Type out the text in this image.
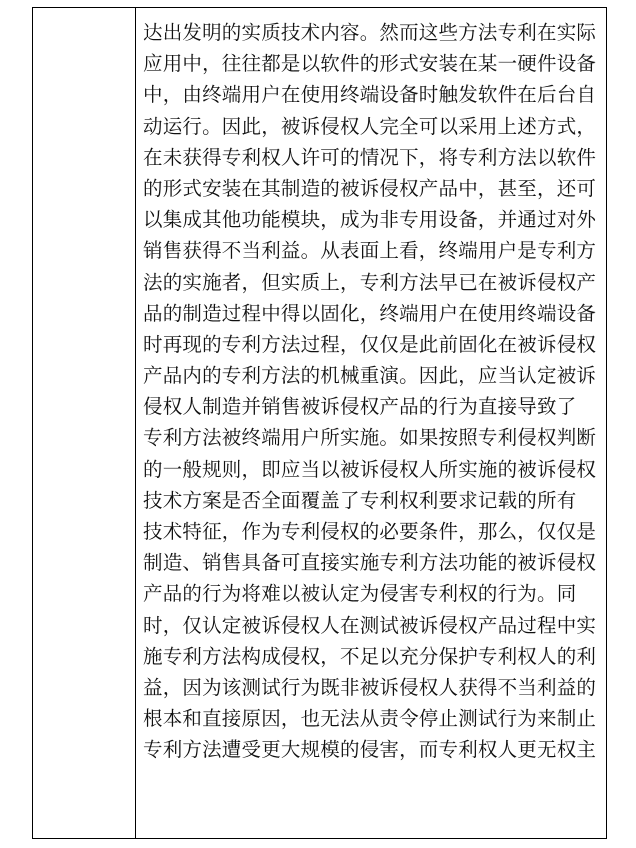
达出发明的实质技术内容。然而这些方法专利在实际
应用中，往往都是以软件的形式安装在某一硬件设备
中，由终端用户在使用终端设备时触发软件在后台自
动运行。因此，被诉侵权人完全可以采用上述方式，
在未获得专利权人许可的情况下，将专利方法以软件
的形式安装在其制造的被诉侵权产品中，甚至，还可
以集成其他功能模块，成为非专用设备，并通过对外
销售获得不当利益。从表面上看，终端用户是专利方
法的实施者，但实质上，专利方法早已在被诉侵权产
品的制造过程中得以固化，终端用户在使用终端设备
时再现的专利方法过程，仅仅是此前固化在被诉侵权
产品内的专利方法的机械重演。因此，应当认定被诉
侵权人制造并销售被诉侵权产品的行为直接导致了
专利方法被终端用户所实施。如果按照专利侵权判断
的一般规则，即应当以被诉侵权人所实施的被诉侵权
技术方案是否全面覆盖了专利权利要求记载的所有
技术特征，作为专利侵权的必要条件，那么，仅仅是
制造、销售具备可直接实施专利方法功能的被诉侵权
产品的行为将难以被认定为侵害专利权的行为。同
时，仅认定被诉侵权人在测试被诉侵权产品过程中实
施专利方法构成侵权，不足以充分保护专利权人的利
益，因为该测试行为既非被诉侵权人获得不当利益的
根本和直接原因，也无法从责令停止测试行为来制止
专利方法遭受更大规模的侵害，而专利权人更无权主
